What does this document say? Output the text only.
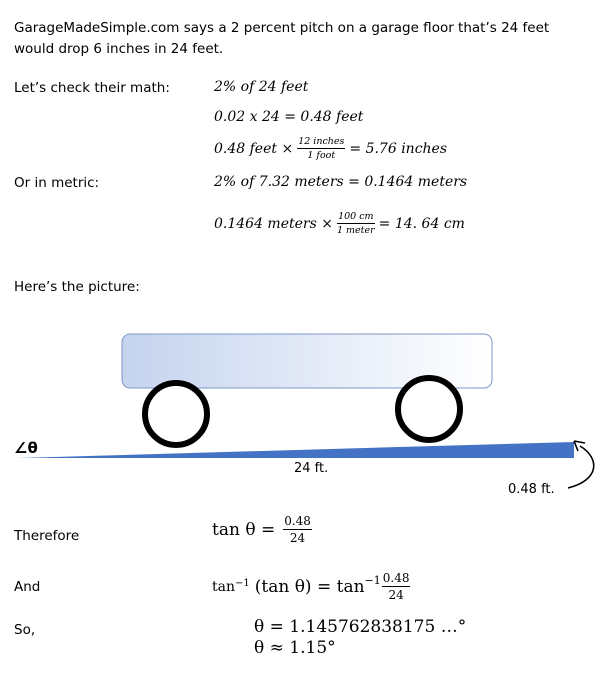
GarageMadeSimple.com says a 2 percent pitch on a garage floor that’s 24 feet would drop 6 inches in 24 feet.
Let’s check their math:
Or in metric:
Here’s the picture:
Therefore
And
So,
2% of 24 feet
0.02 x 24 = 0.48 feet
0.48 feet × $\frac{\text{12 inches}}{\text{1 foot}} = 5.76$ inches
2% of 7.32 meters = 0.1464 meters
0.1464 meters × $\frac{100 cm}{\text{1 meter}} = 14$. 64 cm
∠θ
24 ft.
0.48 ft.
$\tan \theta = \frac{0.48}{24}$
$\tan^{-1} (\tan$ $\theta) = \tan^{-1} \frac{0.48}{24}$
θ = 1.145762838175 …°
θ ≈ 1.15°
